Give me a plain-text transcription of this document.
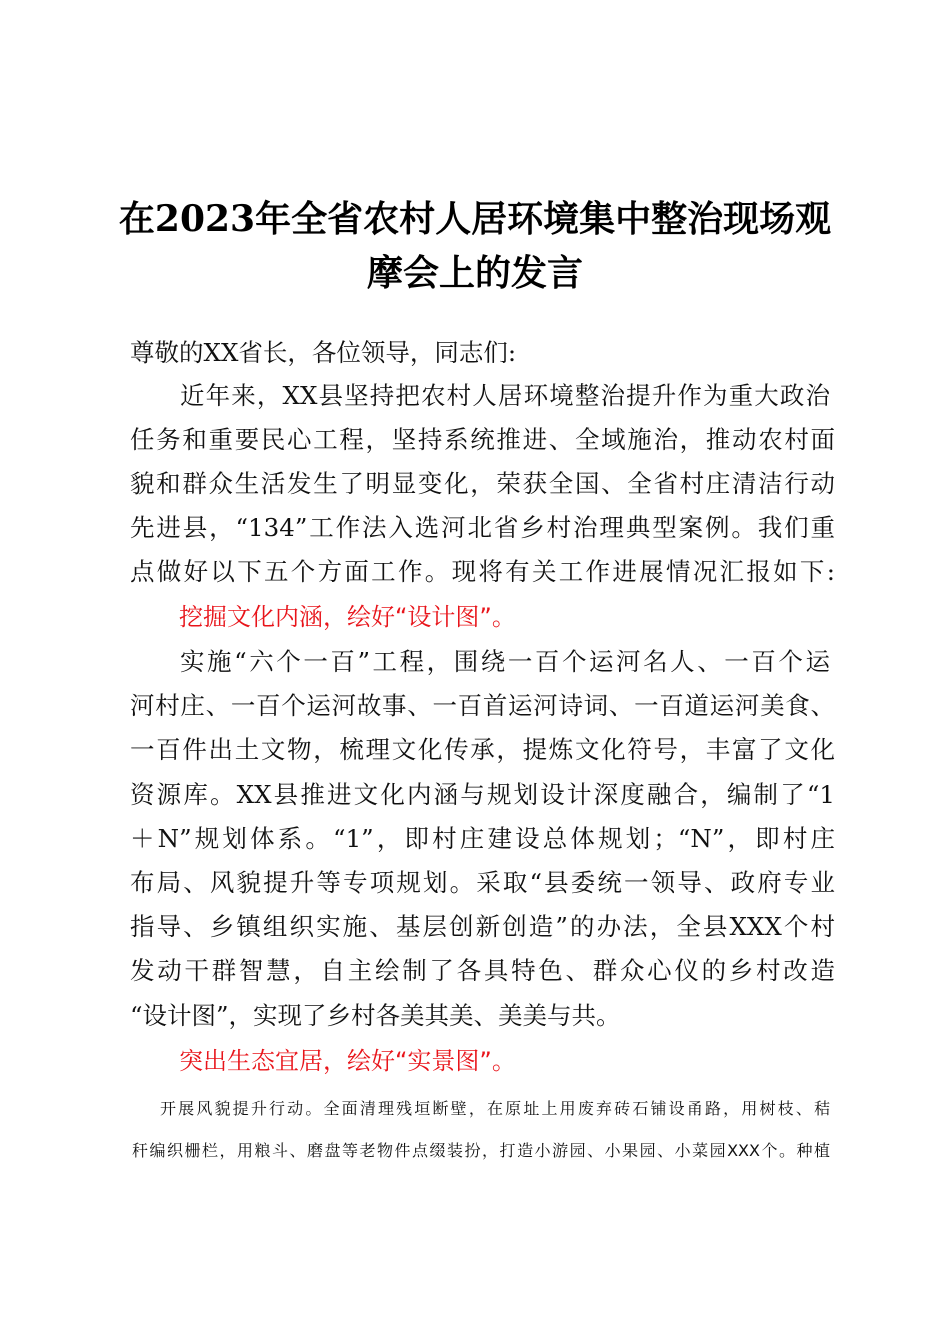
在2023年全省农村人居环境集中整治现场观
摩会上的发言
尊敬的XX省长，各位领导，同志们:
近年来，XX县坚持把农村人居环境整治提升作为重大政治
任务和重要民心工程，坚持系统推进、全域施治，推动农村面
貌和群众生活发生了明显变化，荣获全国、全省村庄清洁行动
先进县，“134”工作法入选河北省乡村治理典型案例。我们重
点做好以下五个方面工作。现将有关工作进展情况汇报如下:
挖掘文化内涵，绘好“设计图”。
实施“六个一百”工程，围绕一百个运河名人、一百个运
河村庄、一百个运河故事、一百首运河诗词、一百道运河美食、
一百件出土文物，梳理文化传承，提炼文化符号，丰富了文化
资源库。XX县推进文化内涵与规划设计深度融合，编制了“1
＋N”规划体系。“1”，即村庄建设总体规划；“N”，即村庄
布局、风貌提升等专项规划。采取“县委统一领导、政府专业
指导、乡镇组织实施、基层创新创造”的办法，全县XXX个村
发动干群智慧，自主绘制了各具特色、群众心仪的乡村改造
“设计图”，实现了乡村各美其美、美美与共。
突出生态宜居，绘好“实景图”。
开展风貌提升行动。全面清理残垣断壁，在原址上用废弃砖石铺设甬路，用树枝、秸
秆编织栅栏，用粮斗、磨盘等老物件点缀装扮，打造小游园、小果园、小菜园XXX个。种植
